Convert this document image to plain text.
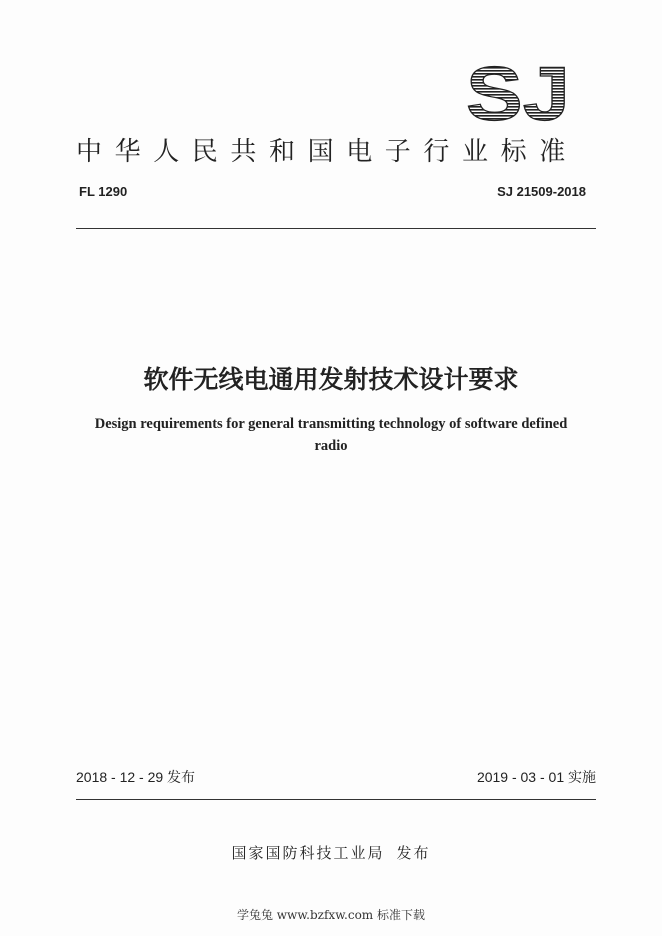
SJ
中华人民共和国电子行业标准
FL 1290	SJ 21509-2018
软件无线电通用发射技术设计要求
Design requirements for general transmitting technology of software defined
radio
2018 - 12 - 29 发布	2019 - 03 - 01 实施
国家国防科技工业局 发布
学兔兔 www.bzfxw.com 标准下载
